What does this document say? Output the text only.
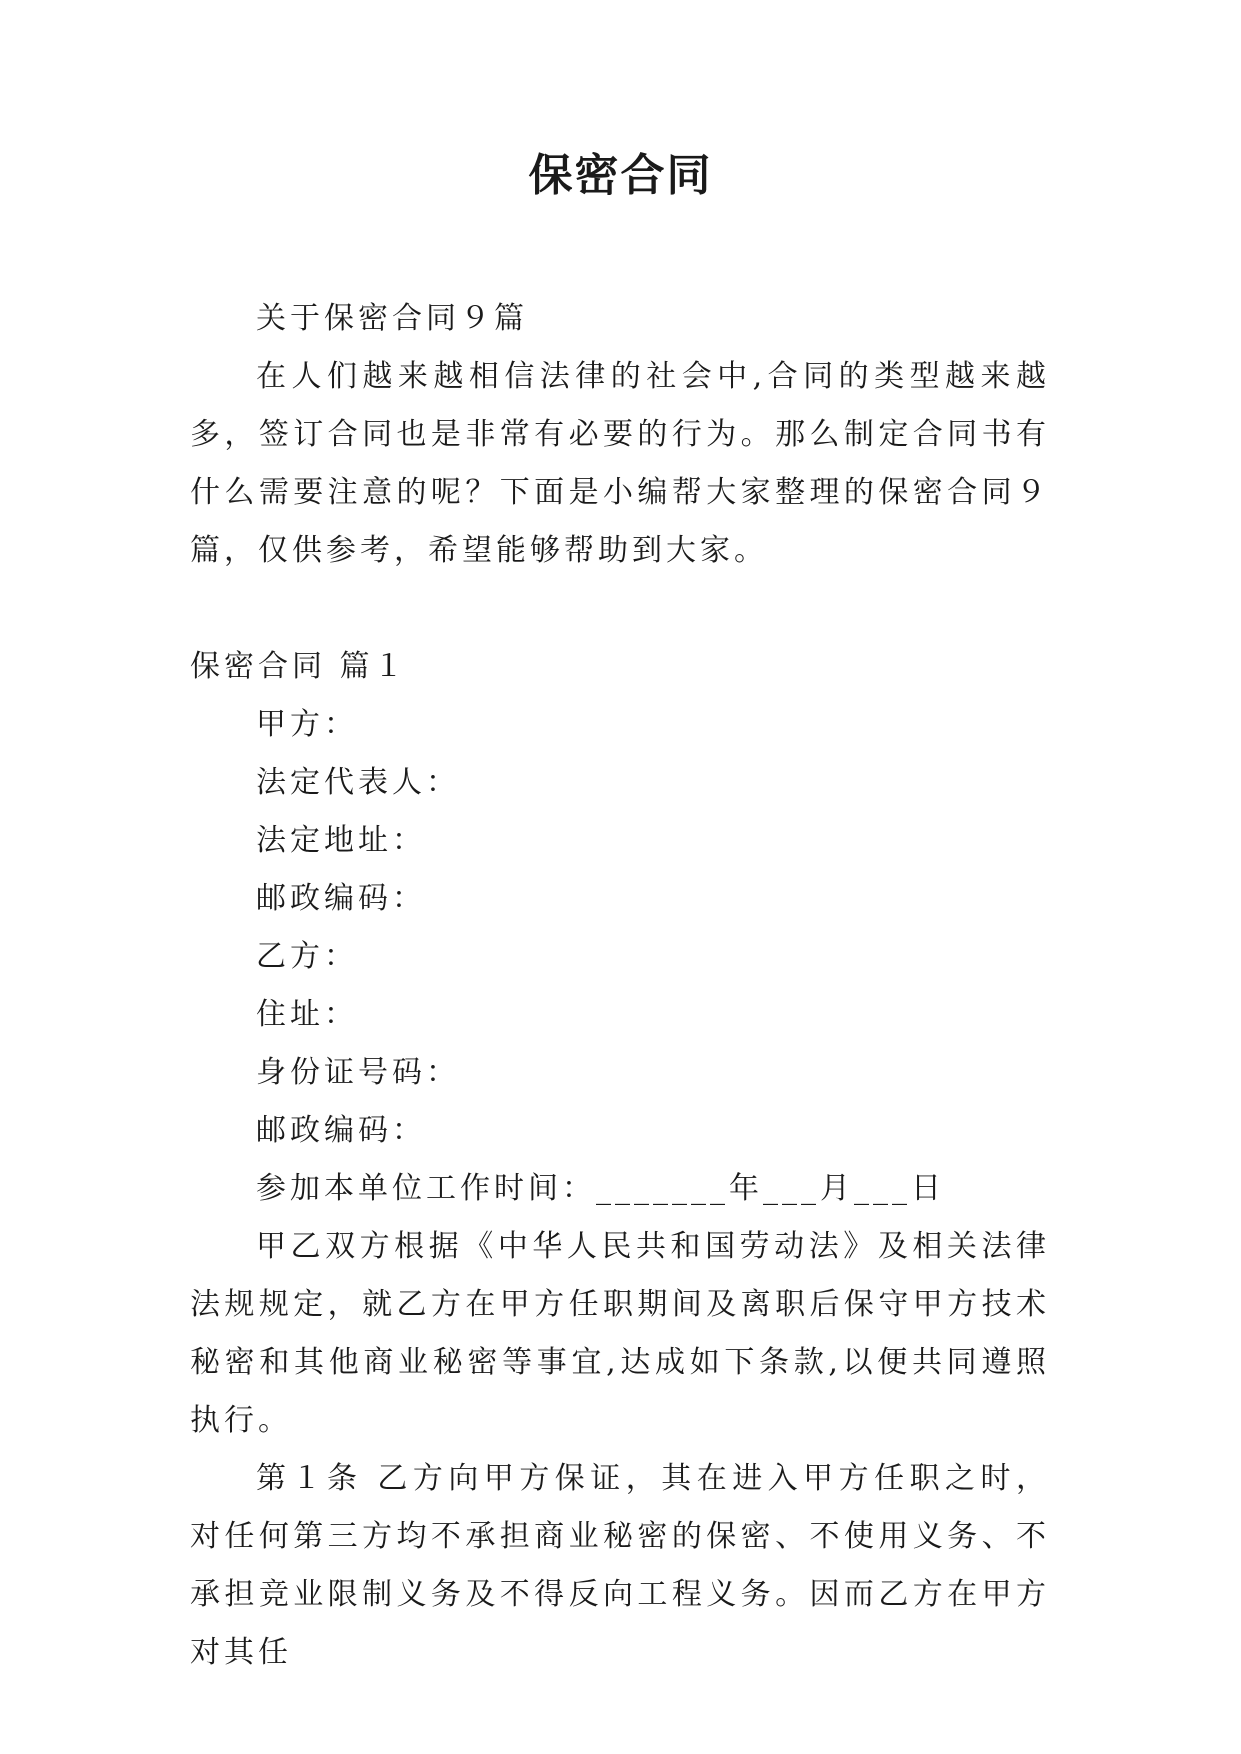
保密合同

关于保密合同９篇

在人们越来越相信法律的社会中,合同的类型越来越多，签订合同也是非常有必要的行为。那么制定合同书有什么需要注意的呢？下面是小编帮大家整理的保密合同９篇，仅供参考，希望能够帮助到大家。

保密合同 篇１

甲方：

法定代表人：

法定地址：

邮政编码：

乙方：

住址：

身份证号码：

邮政编码：

参加本单位工作时间：_______年___月___日

甲乙双方根据《中华人民共和国劳动法》及相关法律法规规定，就乙方在甲方任职期间及离职后保守甲方技术秘密和其他商业秘密等事宜,达成如下条款,以便共同遵照执行。

第１条 乙方向甲方保证，其在进入甲方任职之时，对任何第三方均不承担商业秘密的保密、不使用义务、不承担竞业限制义务及不得反向工程义务。因而乙方在甲方对其任
